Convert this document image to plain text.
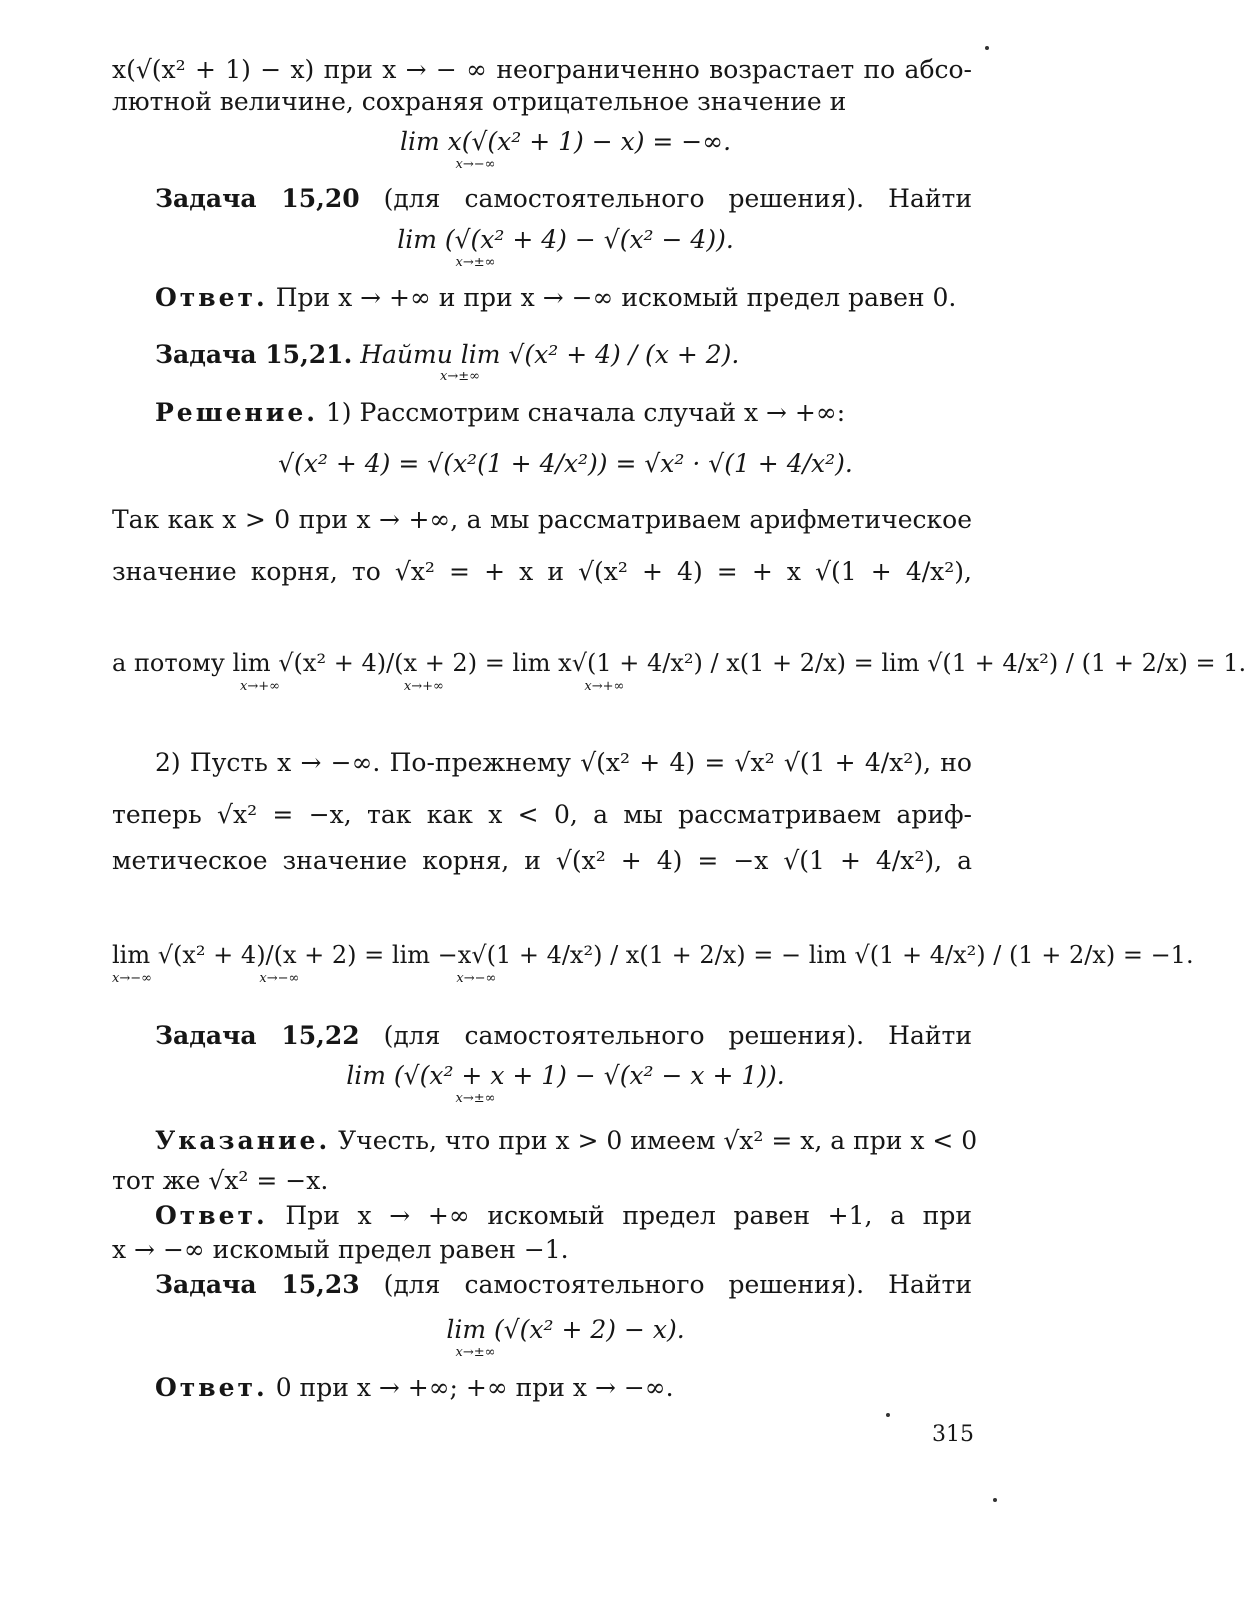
x(√(x² + 1) − x) при x → − ∞ неограниченно возрастает по абсо-
лютной величине, сохраняя отрицательное значение и
lim x(√(x² + 1) − x) = −∞.
x→−∞
Задача 15,20 (для самостоятельного решения). Найти
lim (√(x² + 4) − √(x² − 4)).
x→±∞
Ответ. При x → +∞ и при x → −∞ искомый предел равен 0.
Задача 15,21. Найти lim √(x² + 4) / (x + 2).
x→±∞
Решение. 1) Рассмотрим сначала случай x → +∞:
√(x² + 4) = √(x²(1 + 4/x²)) = √x² · √(1 + 4/x²).
Так как x > 0 при x → +∞, а мы рассматриваем арифметическое
значение корня, то √x² = + x и √(x² + 4) = + x √(1 + 4/x²),
а потому lim √(x² + 4)/(x + 2) = lim x√(1 + 4/x²) / x(1 + 2/x) = lim √(1 + 4/x²) / (1 + 2/x) = 1.
x→+∞                              x→+∞                                  x→+∞
2) Пусть x → −∞. По-прежнему √(x² + 4) = √x² √(1 + 4/x²), но
теперь √x² = −x, так как x < 0, а мы рассматриваем ариф-
метическое значение корня, и √(x² + 4) = −x √(1 + 4/x²), а
lim √(x² + 4)/(x + 2) = lim −x√(1 + 4/x²) / x(1 + 2/x) = − lim √(1 + 4/x²) / (1 + 2/x) = −1.
x→−∞                          x→−∞                                      x→−∞
Задача 15,22 (для самостоятельного решения). Найти
lim (√(x² + x + 1) − √(x² − x + 1)).
x→±∞
Указание. Учесть, что при x > 0 имеем √x² = x, а при x < 0
тот же √x² = −x.
Ответ. При x → +∞ искомый предел равен +1, а при
x → −∞ искомый предел равен −1.
Задача 15,23 (для самостоятельного решения). Найти
lim (√(x² + 2) − x).
x→±∞
Ответ. 0 при x → +∞; +∞ при x → −∞.
315
